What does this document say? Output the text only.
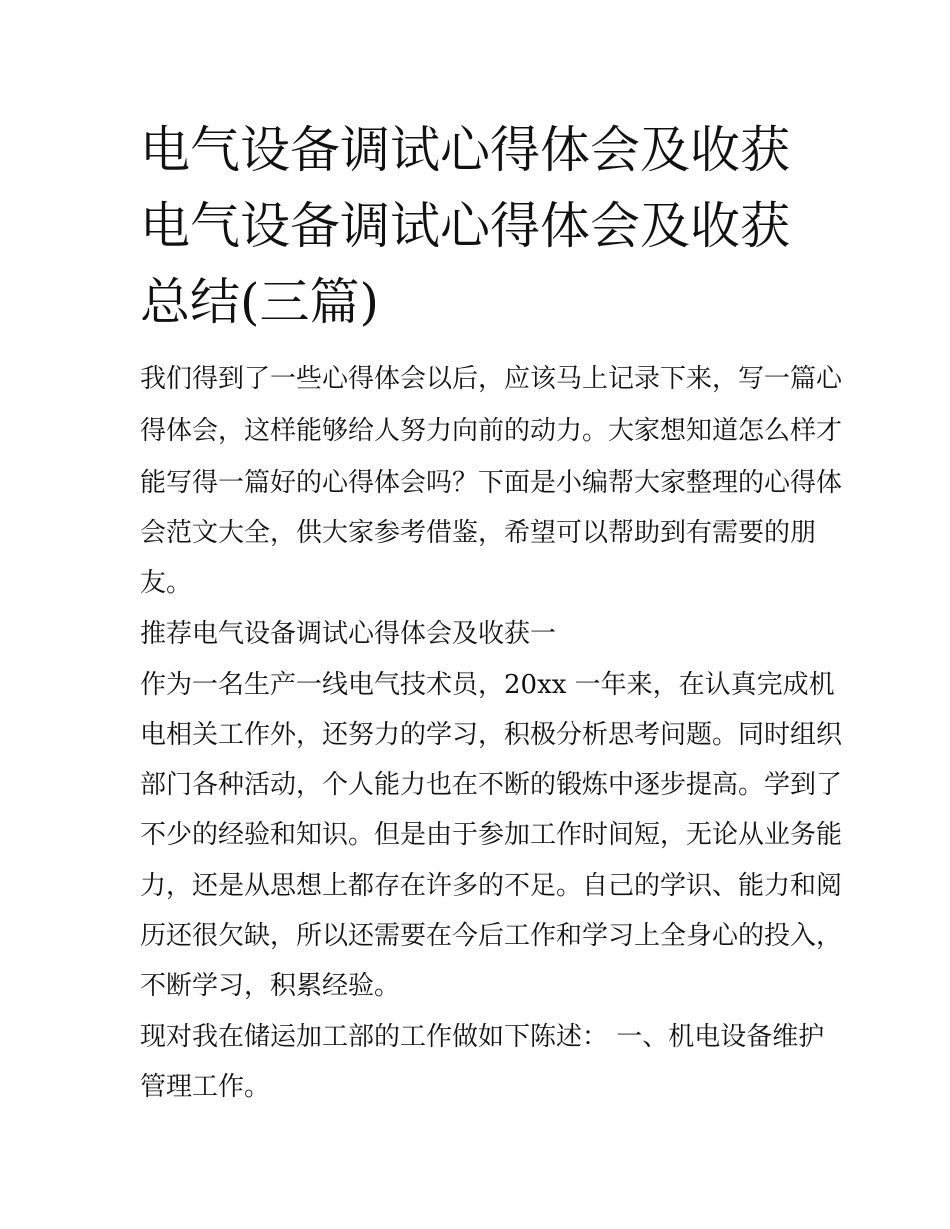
电气设备调试心得体会及收获
电气设备调试心得体会及收获
总结(三篇)
我们得到了一些心得体会以后，应该马上记录下来，写一篇心
得体会，这样能够给人努力向前的动力。大家想知道怎么样才
能写得一篇好的心得体会吗？下面是小编帮大家整理的心得体
会范文大全，供大家参考借鉴，希望可以帮助到有需要的朋
友。
推荐电气设备调试心得体会及收获一
作为一名生产一线电气技术员，20xx 一年来，在认真完成机
电相关工作外，还努力的学习，积极分析思考问题。同时组织
部门各种活动，个人能力也在不断的锻炼中逐步提高。学到了
不少的经验和知识。但是由于参加工作时间短，无论从业务能
力，还是从思想上都存在许多的不足。自己的学识、能力和阅
历还很欠缺，所以还需要在今后工作和学习上全身心的投入，
不断学习，积累经验。
现对我在储运加工部的工作做如下陈述： 一、机电设备维护
管理工作。
